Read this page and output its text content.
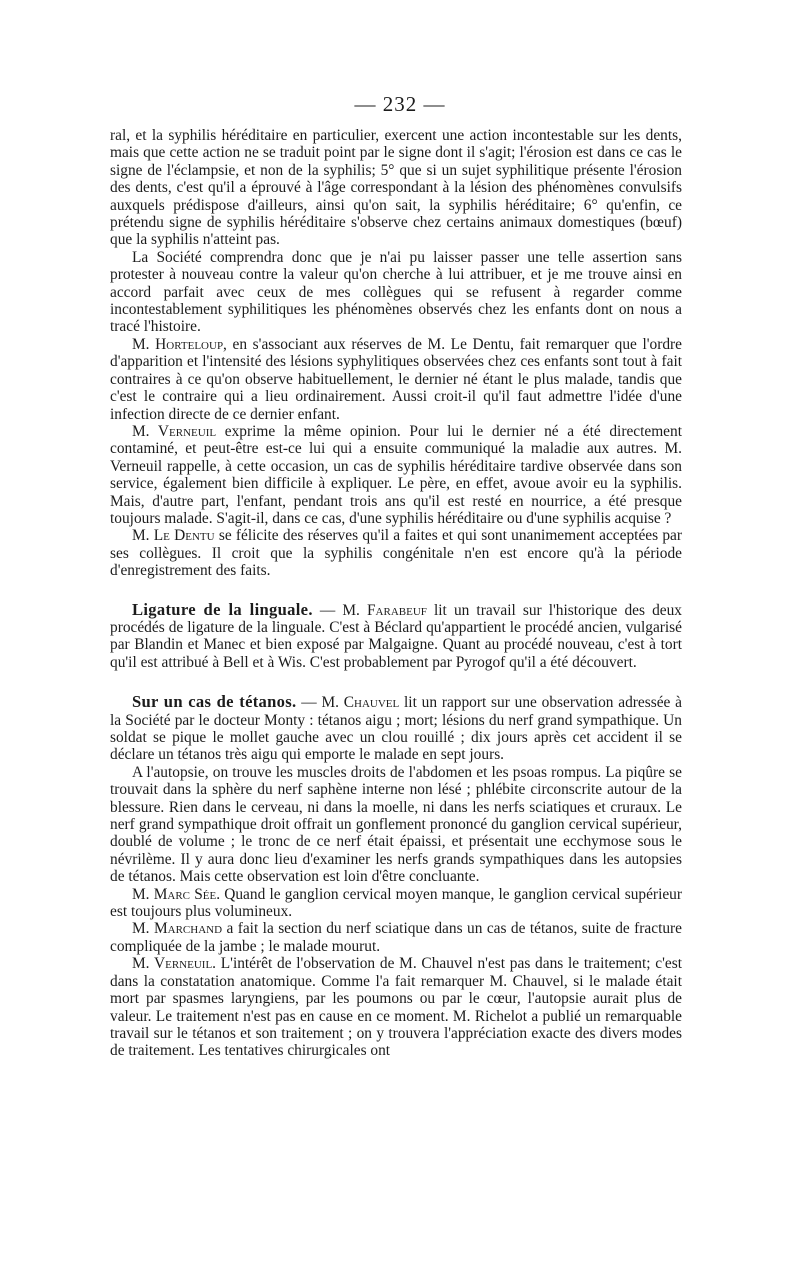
— 232 —

ral, et la syphilis héréditaire en particulier, exercent une action incontestable sur les dents, mais que cette action ne se traduit point par le signe dont il s'agit; l'érosion est dans ce cas le signe de l'éclampsie, et non de la syphilis; 5° que si un sujet syphilitique présente l'érosion des dents, c'est qu'il a éprouvé à l'âge correspondant à la lésion des phénomènes convulsifs auxquels prédispose d'ailleurs, ainsi qu'on sait, la syphilis héréditaire; 6° qu'enfin, ce prétendu signe de syphilis héréditaire s'observe chez certains animaux domestiques (bœuf) que la syphilis n'atteint pas.

La Société comprendra donc que je n'ai pu laisser passer une telle assertion sans protester à nouveau contre la valeur qu'on cherche à lui attribuer, et je me trouve ainsi en accord parfait avec ceux de mes collègues qui se refusent à regarder comme incontestablement syphilitiques les phénomènes observés chez les enfants dont on nous a tracé l'histoire.

M. Horteloup, en s'associant aux réserves de M. Le Dentu, fait remarquer que l'ordre d'apparition et l'intensité des lésions syphylitiques observées chez ces enfants sont tout à fait contraires à ce qu'on observe habituellement, le dernier né étant le plus malade, tandis que c'est le contraire qui a lieu ordinairement. Aussi croit-il qu'il faut admettre l'idée d'une infection directe de ce dernier enfant.

M. Verneuil exprime la même opinion. Pour lui le dernier né a été directement contaminé, et peut-être est-ce lui qui a ensuite communiqué la maladie aux autres. M. Verneuil rappelle, à cette occasion, un cas de syphilis héréditaire tardive observée dans son service, également bien difficile à expliquer. Le père, en effet, avoue avoir eu la syphilis. Mais, d'autre part, l'enfant, pendant trois ans qu'il est resté en nourrice, a été presque toujours malade. S'agit-il, dans ce cas, d'une syphilis héréditaire ou d'une syphilis acquise ?

M. Le Dentu se félicite des réserves qu'il a faites et qui sont unanimement acceptées par ses collègues. Il croit que la syphilis congénitale n'en est encore qu'à la période d'enregistrement des faits.

Ligature de la linguale. — M. Farabeuf lit un travail sur l'historique des deux procédés de ligature de la linguale. C'est à Béclard qu'appartient le procédé ancien, vulgarisé par Blandin et Manec et bien exposé par Malgaigne. Quant au procédé nouveau, c'est à tort qu'il est attribué à Bell et à Wis. C'est probablement par Pyrogof qu'il a été découvert.

Sur un cas de tétanos. — M. Chauvel lit un rapport sur une observation adressée à la Société par le docteur Monty : tétanos aigu ; mort; lésions du nerf grand sympathique. Un soldat se pique le mollet gauche avec un clou rouillé ; dix jours après cet accident il se déclare un tétanos très aigu qui emporte le malade en sept jours.

A l'autopsie, on trouve les muscles droits de l'abdomen et les psoas rompus. La piqûre se trouvait dans la sphère du nerf saphène interne non lésé ; phlébite circonscrite autour de la blessure. Rien dans le cerveau, ni dans la moelle, ni dans les nerfs sciatiques et cruraux. Le nerf grand sympathique droit offrait un gonflement prononcé du ganglion cervical supérieur, doublé de volume ; le tronc de ce nerf était épaissi, et présentait une ecchymose sous le névrilème. Il y aura donc lieu d'examiner les nerfs grands sympathiques dans les autopsies de tétanos. Mais cette observation est loin d'être concluante.

M. Marc Sée. Quand le ganglion cervical moyen manque, le ganglion cervical supérieur est toujours plus volumineux.

M. Marchand a fait la section du nerf sciatique dans un cas de tétanos, suite de fracture compliquée de la jambe ; le malade mourut.

M. Verneuil. L'intérêt de l'observation de M. Chauvel n'est pas dans le traitement; c'est dans la constatation anatomique. Comme l'a fait remarquer M. Chauvel, si le malade était mort par spasmes laryngiens, par les poumons ou par le cœur, l'autopsie aurait plus de valeur. Le traitement n'est pas en cause en ce moment. M. Richelot a publié un remarquable travail sur le tétanos et son traitement ; on y trouvera l'appréciation exacte des divers modes de traitement. Les tentatives chirurgicales ont
